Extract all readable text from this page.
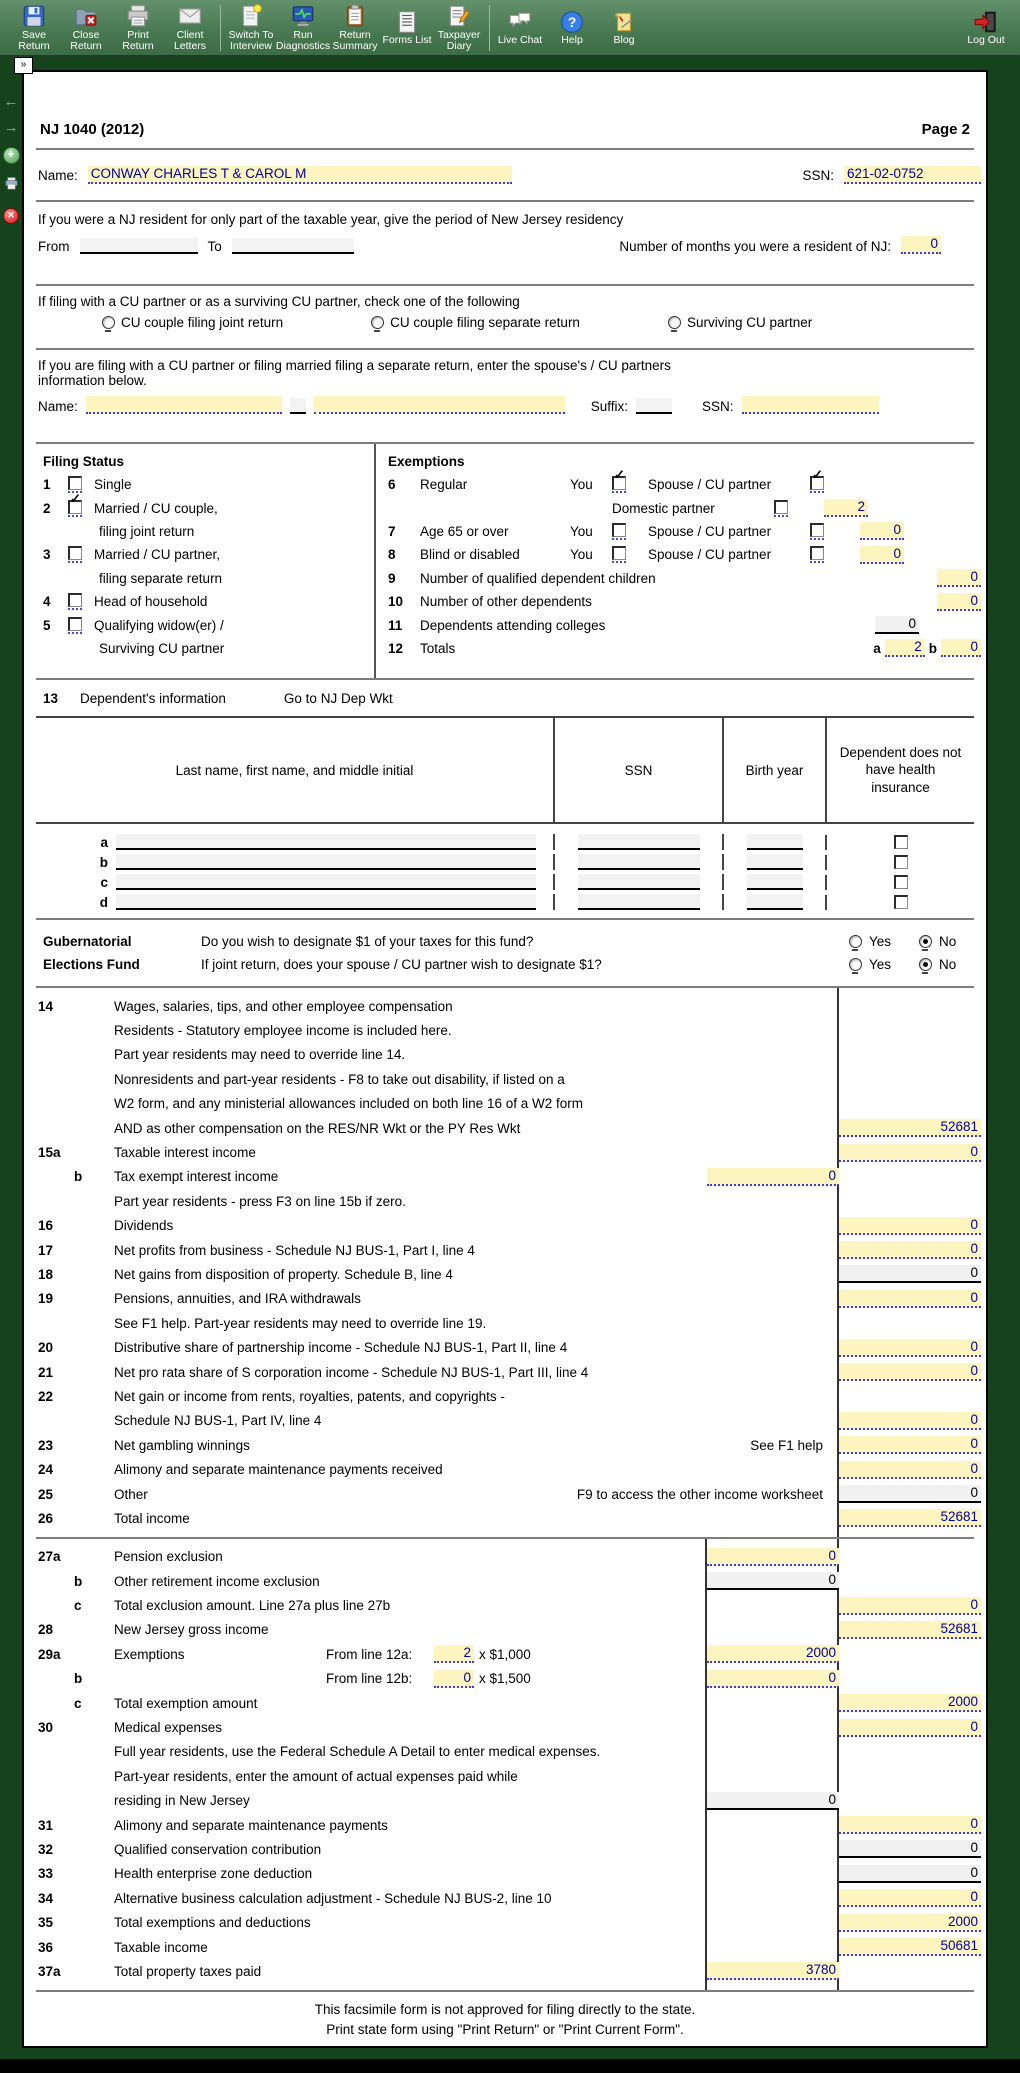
Save
Return
Close
Return
Print
Return
Client
Letters
Switch To
Interview
Run
Diagnostics
Return
Summary Forms List Taxpayer
Diary	Live Chat
?
Help	Blog	Log Out
»
←
→
+
✕
NJ 1040 (2012)	Page 2
Name: CONWAY CHARLES T & CAROL M	SSN: 621-02-0752
If you were a NJ resident for only part of the taxable year, give the period of New Jersey residency
From	To	Number of months you were a resident of NJ:	0
If filing with a CU partner or as a surviving CU partner, check one of the following
CU couple filing joint return	CU couple filing separate return	Surviving CU partner
If you are filing with a CU partner or filing married filing a separate return, enter the spouse's / CU partners
information below.
Name:	Suffix:	SSN:
Filing Status
1	Single
2 ✓	Married / CU couple,
filing joint return
3	Married / CU partner,
filing separate return
4	Head of household
5	Qualifying widow(er) /
Surviving CU partner
Exemptions
6	Regular	You ✓	Spouse / CU partner
✓
Domestic partner	2
7	Age 65 or over	You	Spouse / CU partner	0
8	Blind or disabled	You	Spouse / CU partner	0
9	Number of qualified dependent children	0
10	Number of other dependents	0
11	Dependents attending colleges	0
12	Totals	a	2 b	0
13	Dependent's information	Go to NJ Dep Wkt
Last name, first name, and middle initial	SSN	Birth year
Dependent does not have health insurance
a
b
c
d
Gubernatorial
Elections Fund
Do you wish to designate $1 of your taxes for this fund?	Yes	No
If joint return, does your spouse / CU partner wish to designate $1?	Yes	No
14	Wages, salaries, tips, and other employee compensation
Residents - Statutory employee income is included here.
Part year residents may need to override line 14.
Nonresidents and part-year residents - F8 to take out disability, if listed on a
W2 form, and any ministerial allowances included on both line 16 of a W2 form
AND as other compensation on the RES/NR Wkt or the PY Res Wkt	52681
15a	Taxable interest income	0
b	Tax exempt interest income	0
Part year residents - press F3 on line 15b if zero.
16	Dividends	0
17	Net profits from business - Schedule NJ BUS-1, Part I, line 4	0
18	Net gains from disposition of property. Schedule B, line 4	0
19	Pensions, annuities, and IRA withdrawals	0
See F1 help. Part-year residents may need to override line 19.
20	Distributive share of partnership income - Schedule NJ BUS-1, Part II, line 4	0
21	Net pro rata share of S corporation income - Schedule NJ BUS-1, Part III, line 4	0
22	Net gain or income from rents, royalties, patents, and copyrights -
Schedule NJ BUS-1, Part IV, line 4	0
23	Net gambling winnings	See F1 help	0
24	Alimony and separate maintenance payments received	0
25	Other	F9 to access the other income worksheet	0
26	Total income	52681
27a	Pension exclusion	0
b	Other retirement income exclusion	0
c	Total exclusion amount. Line 27a plus line 27b	0
28	New Jersey gross income	52681
29a	Exemptions	From line 12a:	2 x $1,000	2000
b	From line 12b:	0 x $1,500	0
c	Total exemption amount	2000
30	Medical expenses	0
Full year residents, use the Federal Schedule A Detail to enter medical expenses.
Part-year residents, enter the amount of actual expenses paid while
residing in New Jersey	0
31	Alimony and separate maintenance payments	0
32	Qualified conservation contribution	0
33	Health enterprise zone deduction	0
34	Alternative business calculation adjustment - Schedule NJ BUS-2, line 10	0
35	Total exemptions and deductions	2000
36	Taxable income	50681
37a	Total property taxes paid	3780
This facsimile form is not approved for filing directly to the state.
Print state form using "Print Return" or "Print Current Form".
